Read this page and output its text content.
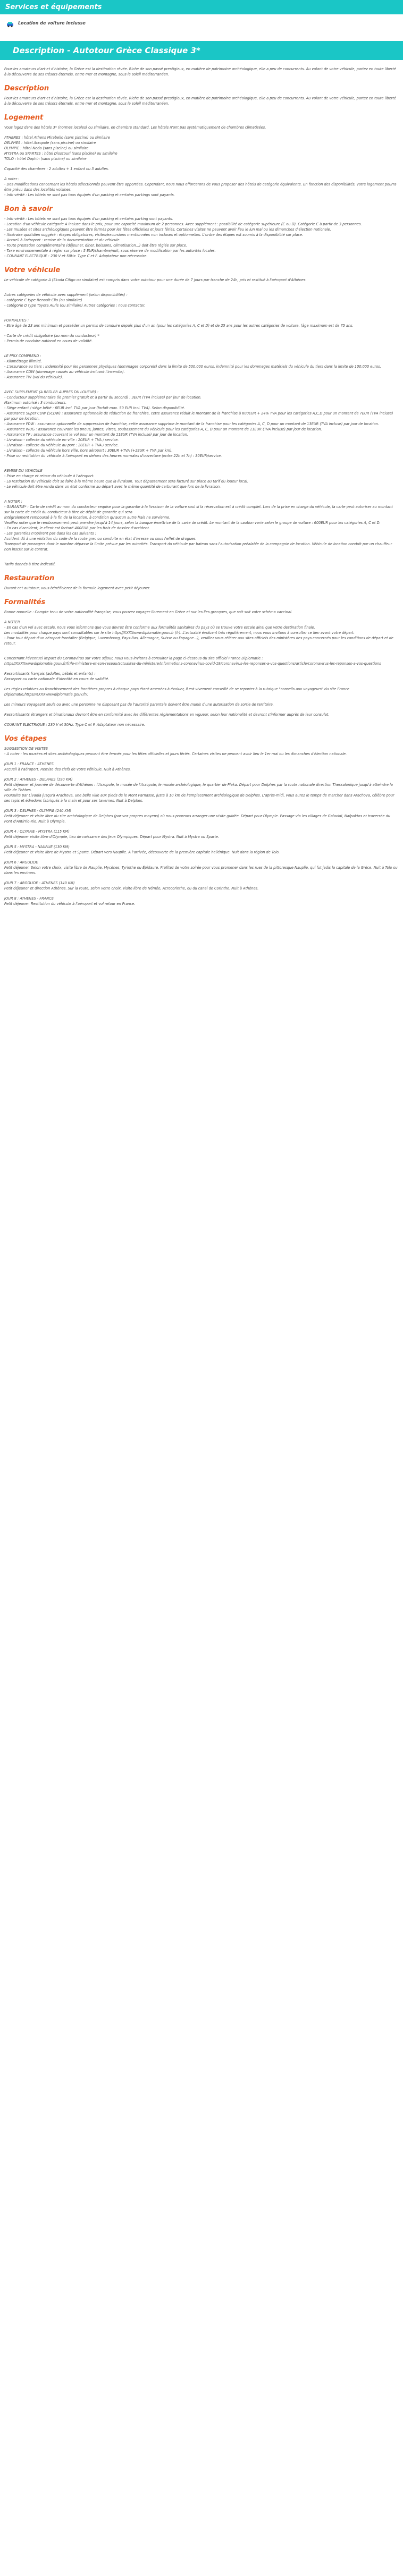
Services et équipements
Location de voiture inclusse
Description - Autotour Grèce Classique 3*

Pour les amateurs d'art et d'histoire, la Grèce est la destination rêvée. Riche de son passé prestigieux, en matière de patrimoine archéologique, elle a peu de concurrents. Au volant de votre véhicule, partez en toute liberté à la découverte de ses trésors éternels, entre mer et montagne, sous le soleil méditerranéen.

Description

Pour les amateurs d'art et d'histoire, la Grèce est la destination rêvée. Riche de son passé prestigieux, en matière de patrimoine archéologique, elle a peu de concurrents. Au volant de votre véhicule, partez en toute liberté à la découverte de ses trésors éternels, entre mer et montagne, sous le soleil méditerranéen.

Logement

Vous logez dans des hôtels 3* (normes locales) ou similaire, en chambre standard. Les hôtels n'ont pas systématiquement de chambres climatisées.

ATHENES : hôtel Athens Mirabello (sans piscine) ou similaire
DELPHES : hôtel Acropole (sans piscine) ou similaire
OLYMPIE : hôtel Neda (sans piscine) ou similaire
MYSTRA ou SPARTES : hôtel Dioscouri (sans piscine) ou similaire
TOLO : hôtel Daphin (sans piscine) ou similaire

Capacité des chambres : 2 adultes + 1 enfant ou 3 adultes.

A noter :
- Des modifications concernant les hôtels sélectionnés peuvent être apportées. Cependant, nous nous efforcerons de vous proposer des hôtels de catégorie équivalente. En fonction des disponibilités, votre logement pourra être prévu dans des localités voisines.
- Info vérité : Les hôtels ne sont pas tous équipés d'un parking et certains parkings sont payants.

Bon à savoir

- Info vérité : Les hôtels ne sont pas tous équipés d'un parking et certains parking sont payants.
- Location d'un véhicule catégorie A incluse dans le prix, pour une capacité maximum de 2 personnes. Avec supplément : possibilité de catégorie supérieure (C ou D). Catégorie C à partir de 3 personnes.
- Les musées et sites archéologiques peuvent être fermés pour les fêtes officielles et jours fériés. Certaines visites ne peuvent avoir lieu le lun mai ou les dimanches d'élection nationale.
- Itinéraire quotidien suggéré : étapes obligatoires, visites/excursions mentionnées non incluses et optionnelles. L'ordre des étapes est soumis à la disponibilité sur place.
- Accueil à l'aéroport : remise de la documentation et du véhicule.
- Toute prestation complémentaire (déjeuner, dîner, boissons, climatisation...) doit être réglée sur place.
- Taxe environnementale à régler sur place : 5 EUR/chambre/nuit, sous réserve de modification par les autorités locales.
- COURANT ELECTRIQUE : 230 V et 50Hz. Type C et F. Adaptateur non nécessaire.

Votre véhicule

Le véhicule de catégorie A (Skoda Citigo ou similaire) est compris dans votre autotour pour une durée de 7 jours par tranche de 24h, pris et restitué à l'aéroport d'Athènes.

Autres catégories de véhicule avec supplément (selon disponibilités) :
- catégorie C type Renault Clio (ou similaire)
- catégorie D type Toyota Auris (ou similaire) Autres catégories : nous contacter.

FORMALITES :
- Etre âgé de 23 ans minimum et posséder un permis de conduire depuis plus d'un an (pour les catégories A, C et D) et de 25 ans pour les autres catégories de voiture. (âge maximum est de 75 ans.

- Carte de crédit obligatoire (au nom du conducteur) *
- Permis de conduire national en cours de validité.

LE PRIX COMPREND :
- Kilométrage illimité.
- L'assurance au tiers : indemnité pour les personnes physiques (dommages corporels) dans la limite de 500.000 euros, indemnité pour les dommages matériels du véhicule du tiers dans la limite de 100.000 euros.
- Assurance CDW (dommage causés au véhicule incluant l'incendie).
- Assurance TW (vol du véhicule).

AVEC SUPPLEMENT (A REGLER AUPRES DU LOUEUR) :
- Conducteur supplémentaire (le premier gratuit et à partir du second) : 3EUR (TVA incluse) par jour de location.
Maximum autorisé : 3 conducteurs.
- Siège enfant / siège bébé : 6EUR incl. TVA par jour (forfait max. 50 EUR incl. TVA). Selon disponibilité.
- Assurance Super CDW (SCDW) : assurance optionnelle de réduction de franchise, cette assurance réduit le montant de la franchise à 600EUR + 24% TVA pour les catégories A,C,D pour un montant de 7EUR (TVA incluse) par jour de location.
- Assurance FDW : assurance optionnelle de suppression de franchise, cette assurance supprime le montant de la franchise pour les catégories A, C, D pour un montant de 13EUR (TVA incluse) par jour de location.
- Assurance WUG : assurance couvrant les pneus, jantes, vitres, soubassement du véhicule pour les catégories A, C, D pour un montant de 11EUR (TVA incluse) par jour de location.
- Assurance TP : assurance couvrant le vol pour un montant de 11EUR (TVA incluse) par jour de location.
- Livraison - collecte du véhicule en ville : 20EUR + TVA / service.
- Livraison - collecte du véhicule au port : 20EUR + TVA / service.
- Livraison - collecte du véhicule hors ville, hors aéroport : 30EUR +TVA (+2EUR + TVA par km).
- Prise ou restitution du véhicule à l'aéroport en dehors des heures normales d'ouverture (entre 22h et 7h) : 30EUR/service.

REMISE DU VEHICULE
- Prise en charge et retour du véhicule à l'aéroport.
- La restitution du véhicule doit se faire à la même heure que la livraison. Tout dépassement sera facturé sur place au tarif du loueur local.
- Le véhicule doit être rendu dans un état conforme au départ avec le même quantité de carburant que lors de la livraison.

A NOTER :
- GARANTIE* : Carte de crédit au nom du conducteur requise pour la garantie à la livraison de la voiture soul si la réservation est à crédit complet. Lors de la prise en charge du véhicule, la carte peut autoriser au montant sur la carte de crédit du conducteur à titre de dépôt de garantie qui sera
intégralement remboursé à la fin de la location, à condition qu'aucun autre frais ne survienne.
Veuillez noter que le remboursement peut prendre jusqu'à 14 jours, selon la banque émettrice de la carte de crédit. Le montant de la caution varie selon le groupe de voiture : 600EUR pour les catégories A, C et D.
- En cas d'accident, le client est facturé 400EUR par les frais de dossier d'accident.
- Les garanties n'opèrent pas dans les cas suivants :
Accident dû à une violation du code de la route grec ou conduite en état d'ivresse ou sous l'effet de drogues.
Transport de passagers dont le nombre dépasse la limite prévue par les autorités. Transport du véhicule par bateau sans l'autorisation préalable de la compagnie de location. Véhicule de location conduit par un chauffeur non inscrit sur le contrat.

Tarifs donnés à titre indicatif.

Restauration

Durant cet autotour, vous bénéficierez de la formule logement avec petit déjeuner.

Formalités

Bonne nouvelle : Compte tenu de votre nationalité française, vous pouvez voyager librement en Grèce et sur les îles grecques, que soit soit votre schéma vaccinal.

A NOTER
- En cas d'un vol avec escale, nous vous informons que vous devrez être conforme aux formalités sanitaires du pays où se trouve votre escale ainsi que votre destination finale.
Les modalités pour chaque pays sont consultables sur le site https//XXXXwwwdiplomatie.gouv.fr (fr). L'actualité évoluant très régulièrement, nous vous invitons à consulter ce lien avant votre départ.
- Pour tout départ d'un aéroport frontalier (Belgique, Luxembourg, Pays-Bas, Allemagne, Suisse ou Espagne...), veuillez vous référer aux sites officiels des ministères des pays concernés pour les conditions de départ et de retour.

Concernant l'éventuel impact du Coronavirus sur votre séjour, nous vous invitons à consulter la page ci-dessous du site officiel France Diplomatie :
https//XXXXwwwdiplomatie.gouv.fr/fr/le-ministere-et-son-reseau/actualites-du-ministere/informations-coronavirus-covid-19/coronavirus-les-reponses-a-vos-questions/article/coronavirus-les-reponses-a-vos-questions

Ressortissants français (adultes, bébés et enfants) :
Passeport ou carte nationale d'identité en cours de validité.

Les règles relatives au franchissement des frontières propres à chaque pays étant amenées à évoluer, il est vivement conseillé de se reporter à la rubrique "conseils aux voyageurs" du site France
Diplomatie,https//XXXXwwwdiplomatie.gouv.fr/.

Les mineurs voyageant seuls ou avec une personne ne disposant pas de l'autorité parentale doivent être munis d'une autorisation de sortie de territoire.

Ressortissants étrangers et binationaux devront être en conformité avec les différentes réglementations en vigueur, selon leur nationalité et devront s'informer auprès de leur consulat.

COURANT ELECTRIQUE : 230 V et 50Hz. Type C et F. Adaptateur non nécessaire.

Vos étapes

SUGGESTION DE VISITES
- A noter : les musées et sites archéologiques peuvent être fermés pour les fêtes officielles et jours fériés. Certaines visites ne peuvent avoir lieu le 1er mai ou les dimanches d'élection nationale.

JOUR 1 : FRANCE - ATHENES
Accueil à l'aéroport. Remise des clefs de votre véhicule. Nuit à Athènes.

JOUR 2 : ATHENES - DELPHES (190 KM)
Petit déjeuner et journée de découverte d'Athènes : l'Acropole, le musée de l'Acropole, le musée archéologique, le quartier de Plaka. Départ pour Delphes par la route nationale direction Thessalonique jusqu'à atteindre la ville de Thèbes.
Poursuite par Livadia jusqu'à Arachova, une belle ville aux pieds de le Mont Parnasse, juste à 10 km de l'emplacement archéologique de Delphes. L'après-midi, vous aurez le temps de marcher dans Arachova, célèbre pour ses tapis et édredons fabriqués à la main et pour ses tavernes. Nuit à Delphes.

JOUR 3 : DELPHES - OLYMPIE (240 KM)
Petit déjeuner et visite libre du site archéologique de Delphes (par vos propres moyens) où nous pourrons arranger une visite guidée. Départ pour Olympie. Passage via les villages de Galaxidi, Nafpaktos et traversée du Pont d'Antirrio-Rio. Nuit à Olympie.

JOUR 4 : OLYMPIE - MYSTRA (115 KM)
Petit déjeuner visite libre d'Olympie, lieu de naissance des Jeux Olympiques. Départ pour Mystra. Nuit à Mystra ou Sparte.

JOUR 5 : MYSTRA - NAUPLIE (130 KM)
Petit déjeuner et visite libre de Mystra et Sparte. Départ vers Nauplie. A l'arrivée, découverte de la première capitale hellénique. Nuit dans la région de Tolo.

JOUR 6 : ARGOLIDE
Petit déjeuner. Selon votre choix, visite libre de Nauplie, Mycènes, Tyrinthe ou Épidaure. Profitez de votre soirée pour vous promener dans les rues de la pittoresque Nauplie, qui fut jadis la capitale de la Grèce. Nuit à Tolo ou dans les environs.

JOUR 7 : ARGOLIDE - ATHENES (140 KM)
Petit déjeuner et direction Athènes. Sur la route, selon votre choix, visite libre de Némée, Acrocorinthe, ou du canal de Corinthe. Nuit à Athènes.

JOUR 8 : ATHENES - FRANCE
Petit déjeuner. Restitution du véhicule à l'aéroport et vol retour en France.
